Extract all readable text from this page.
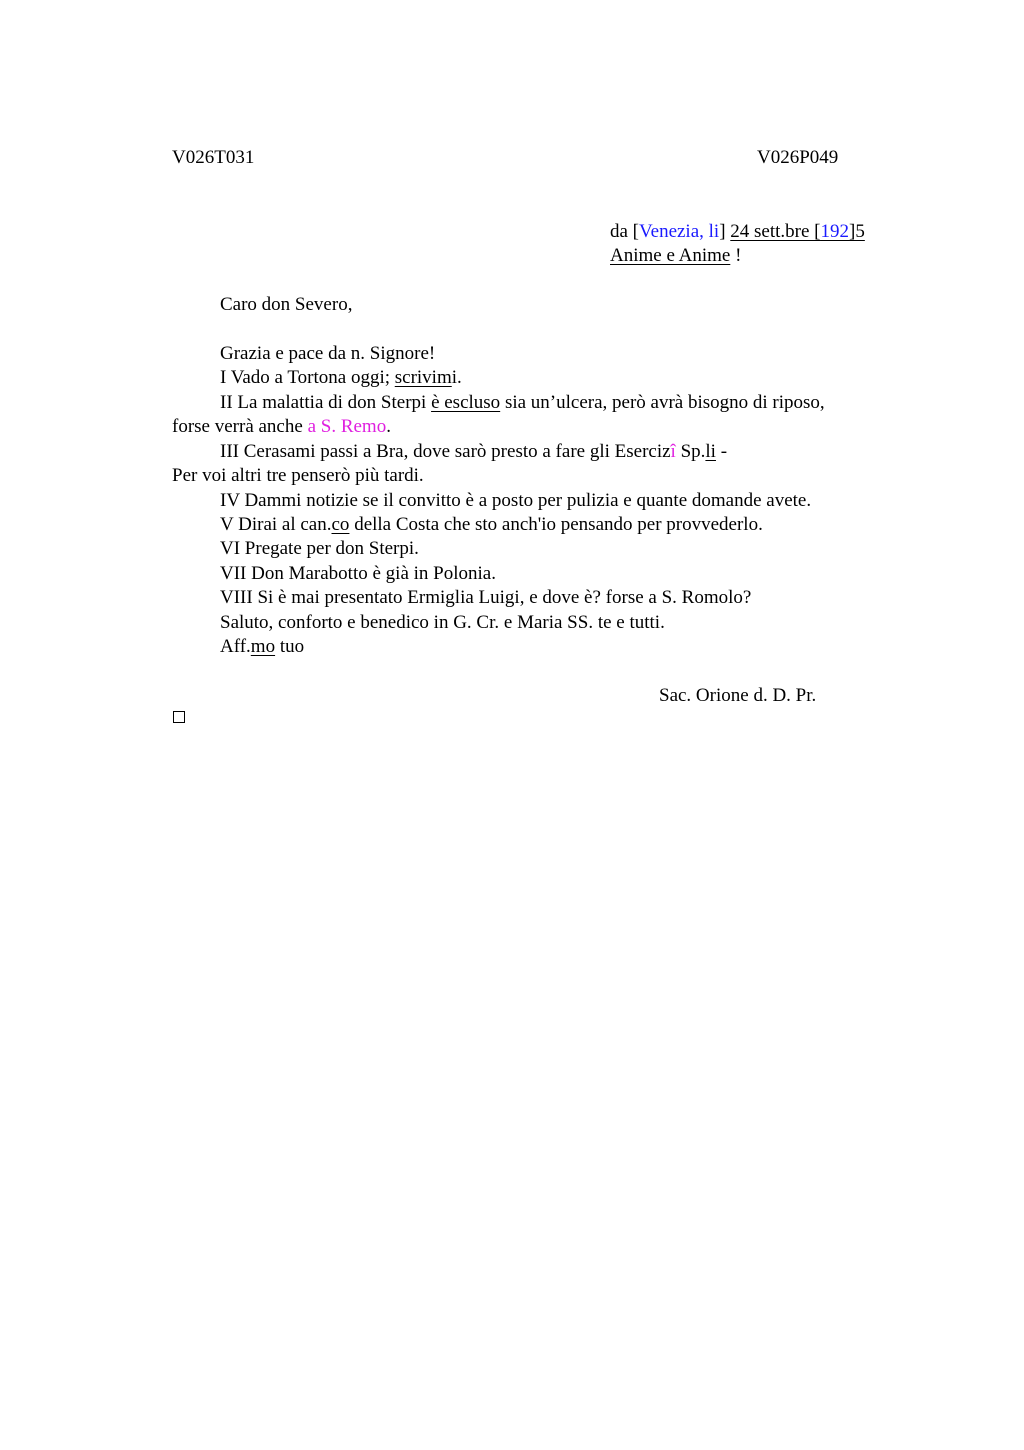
V026T031	V026P049
da [Venezia, li] 24 sett.bre [192]5
Anime e Anime !
Caro don Severo,
Grazia e pace da n. Signore!
I Vado a Tortona oggi; scrivimi.
II La malattia di don Sterpi è escluso sia un’ulcera, però avrà bisogno di riposo,
forse verrà anche a S. Remo.
III Cerasami passi a Bra, dove sarò presto a fare gli Esercizî Sp.li -
Per voi altri tre penserò più tardi.
IV Dammi notizie se il convitto è a posto per pulizia e quante domande avete.
V Dirai al can.co della Costa che sto anch'io pensando per provvederlo.
VI Pregate per don Sterpi.
VII Don Marabotto è già in Polonia.
VIII Si è mai presentato Ermiglia Luigi, e dove è? forse a S. Romolo?
Saluto, conforto e benedico in G. Cr. e Maria SS. te e tutti.
Aff.mo tuo
Sac. Orione d. D. Pr.
